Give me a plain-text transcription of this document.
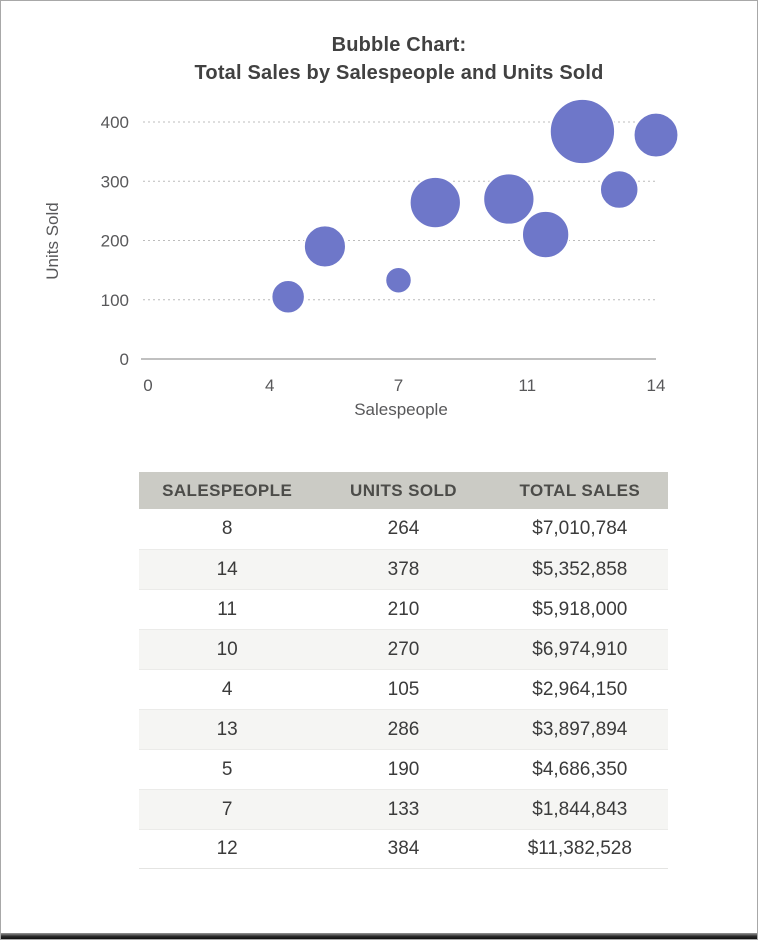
Bubble Chart:
Total Sales by Salespeople and Units Sold
0
100
200
300
400
0	4	7	11	14
Salespeople
Units Sold
SALESPEOPLE	UNITS SOLD	TOTAL SALES
8	264	$7,010,784
14	378	$5,352,858
11	210	$5,918,000
10	270	$6,974,910
4	105	$2,964,150
13	286	$3,897,894
5	190	$4,686,350
7	133	$1,844,843
12	384	$11,382,528
